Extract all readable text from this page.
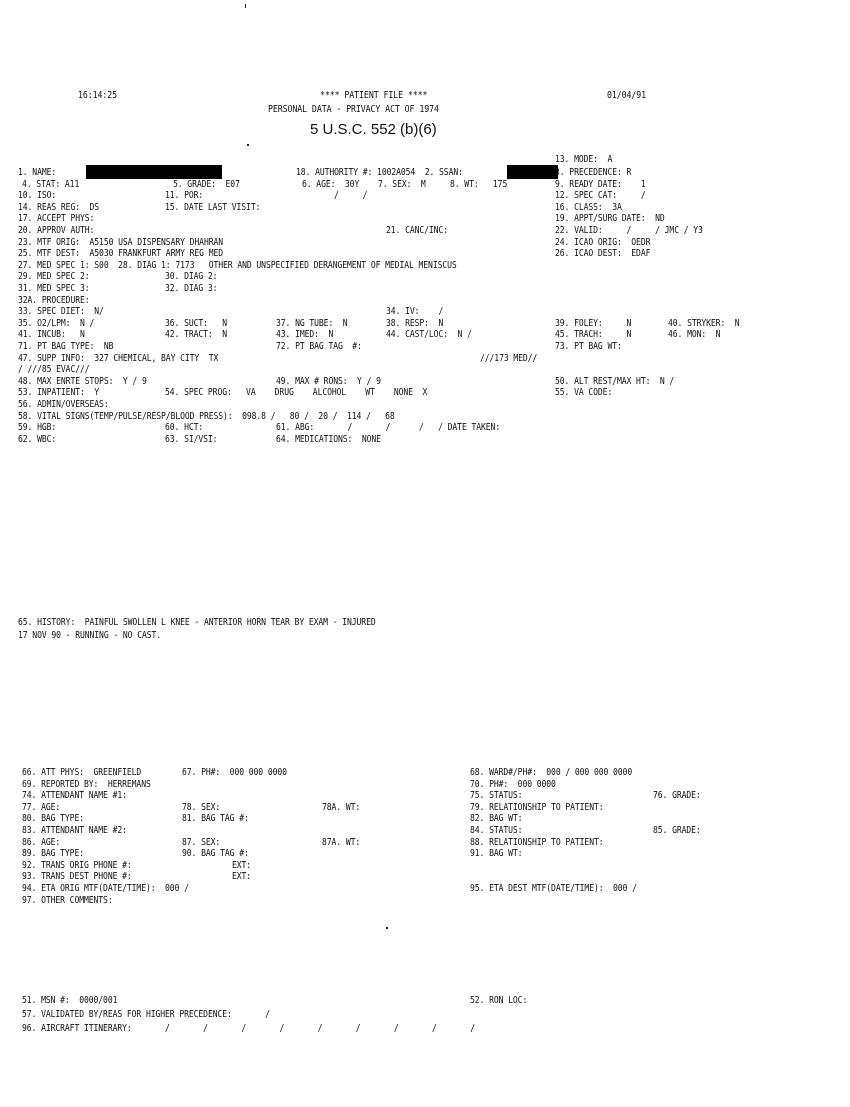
16:14:25	**** PATIENT FILE ****
PERSONAL DATA - PRIVACY ACT OF 1974
01/04/91
5 U.S.C. 552 (b)(6)
13. MODE:  A
1. NAME:	18. AUTHORITY #: 1002A054  2. SSAN:	3. PRECEDENCE: R
4. STAT: A11	5. GRADE:  E07	6. AGE:  30Y 7. SEX:  M	8. WT:   175	9. READY DATE:    1
10. ISO:	11. POR:	/     /	12. SPEC CAT:     /
14. REAS REG:  DS	15. DATE LAST VISIT:	16. CLASS:  3A
17. ACCEPT PHYS:	19. APPT/SURG DATE:  ND
20. APPROV AUTH:	21. CANC/INC:	22. VALID:     /     / JMC / Y3
23. MTF ORIG:  A5150 USA DISPENSARY DHAHRAN	24. ICAO ORIG:  OEDR
25. MTF DEST:  A5030 FRANKFURT ARMY REG MED	26. ICAO DEST:  EDAF
27. MED SPEC 1: S00  28. DIAG 1: 7173   OTHER AND UNSPECIFIED DERANGEMENT OF MEDIAL MENISCUS
29. MED SPEC 2:	30. DIAG 2:
31. MED SPEC 3:	32. DIAG 3:
32A. PROCEDURE:
33. SPEC DIET:  N/	34. IV:    /
35. O2/LPM:  N /	36. SUCT:   N	37. NG TUBE:  N	38. RESP:  N	39. FOLEY:     N	40. STRYKER:  N
41. INCUB:   N	42. TRACT:  N	43. IMED:  N	44. CAST/LOC:  N /	45. TRACH:     N	46. MON:  N
71. PT BAG TYPE:  NB	72. PT BAG TAG  #:	73. PT BAG WT:
47. SUPP INFO:  327 CHEMICAL, BAY CITY  TX	///173 MED//
/ ///85 EVAC///
48. MAX ENRTE STOPS:  Y / 9	49. MAX # RONS:  Y / 9	50. ALT REST/MAX HT:  N /
53. INPATIENT:  Y	54. SPEC PROG:   VA    DRUG    ALCOHOL    WT    NONE  X	55. VA CODE:
56. ADMIN/OVERSEAS:
58. VITAL SIGNS(TEMP/PULSE/RESP/BLOOD PRESS):  098.8 /   80 /  20 /  114 /   68
59. HGB:	60. HCT:	61. ABG:       /       /      /   / DATE TAKEN:
62. WBC:	63. SI/VSI:	64. MEDICATIONS:  NONE
65. HISTORY:  PAINFUL SWOLLEN L KNEE - ANTERIOR HORN TEAR BY EXAM - INJURED
17 NOV 90 - RUNNING - NO CAST.
66. ATT PHYS:  GREENFIELD	67. PH#:  000 000 0000	68. WARD#/PH#:  000 / 000 000 0000
69. REPORTED BY:  HERREMANS	70. PH#:  000 0000
74. ATTENDANT NAME #1:	75. STATUS:	76. GRADE:
77. AGE:	78. SEX:	78A. WT:	79. RELATIONSHIP TO PATIENT:
80. BAG TYPE:	81. BAG TAG #:	82. BAG WT:
83. ATTENDANT NAME #2:	84. STATUS:	85. GRADE:
86. AGE:	87. SEX:	87A. WT:	88. RELATIONSHIP TO PATIENT:
89. BAG TYPE:	90. BAG TAG #:	91. BAG WT:
92. TRANS ORIG PHONE #:	EXT:
93. TRANS DEST PHONE #:	EXT:
94. ETA ORIG MTF(DATE/TIME):  000 /	95. ETA DEST MTF(DATE/TIME):  000 /
97. OTHER COMMENTS:
51. MSN #:  0000/001	52. RON LOC:
57. VALIDATED BY/REAS FOR HIGHER PRECEDENCE:       /
96. AIRCRAFT ITINERARY:       /       /       /       /       /       /       /       /       /
